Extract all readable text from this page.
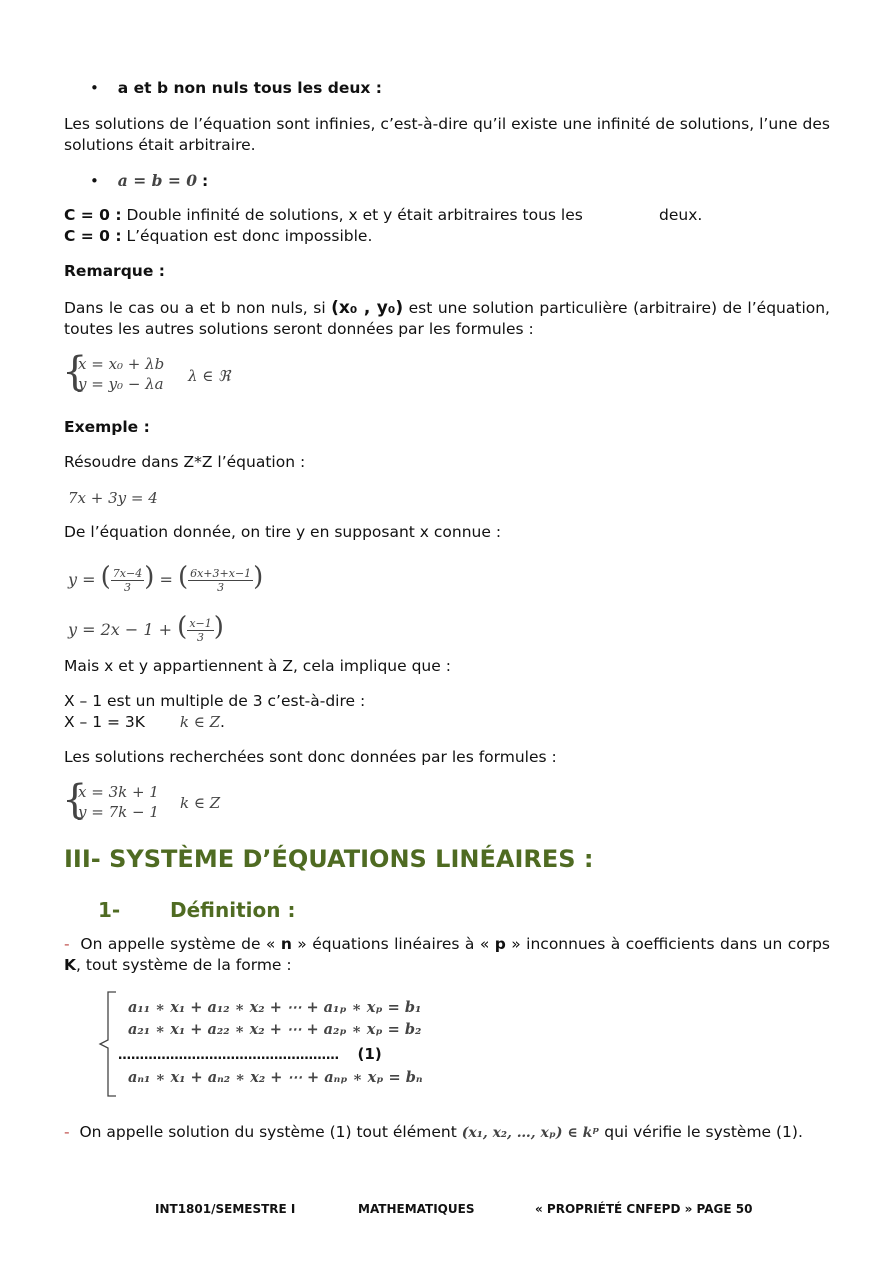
• a et b non nuls tous les deux :
Les solutions de l’équation sont infinies, c’est-à-dire qu’il existe une infinité de solutions, l’une des solutions était arbitraire.
• a = b = 0 :
C = 0 : Double infinité de solutions, x et y était arbitraires tous les	deux.
C = 0 : L’équation est donc impossible.
Remarque :
Dans le cas ou a et b non nuls, si (x₀ , y₀) est une solution particulière (arbitraire) de l’équation, toutes les autres solutions seront données par les formules :
{
x = x₀ + λb
y = y₀ − λa λ ∈ ℜ
Exemple :
Résoudre dans Z*Z l’équation :
7x + 3y = 4
De l’équation donnée, on tire y en supposant x connue :
y = ( $\frac{7x-4}{3}$ ) = ( $\frac{6x+3+x-1}{3}$ )
y = 2x − 1 + ( $\frac{x-1}{3}$ )
Mais x et y appartiennent à Z, cela implique que :
X – 1 est un multiple de 3 c’est-à-dire :
X – 1 = 3K k ∈ Z.
Les solutions recherchées sont donc données par les formules :
{
x = 3k + 1
y = 7k − 1 k ∈ Z
III- SYSTÈME D’ÉQUATIONS LINÉAIRES :
1- Définition :
- On appelle système de « n » équations linéaires à « p » inconnues à coefficients dans un corps K, tout système de la forme :
a₁₁ ∗ x₁ + a₁₂ ∗ x₂ + ⋯ + a₁ₚ ∗ xₚ = b₁
a₂₁ ∗ x₁ + a₂₂ ∗ x₂ + ⋯ + a₂ₚ ∗ xₚ = b₂
…………………………………………… (1)
aₙ₁ ∗ x₁ + aₙ₂ ∗ x₂ + ⋯ + aₙₚ ∗ xₚ = bₙ
- On appelle solution du système (1) tout élément (x₁, x₂, …, xₚ) ∈ kᵖ qui vérifie le système (1).
INT1801/SEMESTRE I	MATHEMATIQUES	« PROPRIÉTÉ CNFEPD » PAGE 50
